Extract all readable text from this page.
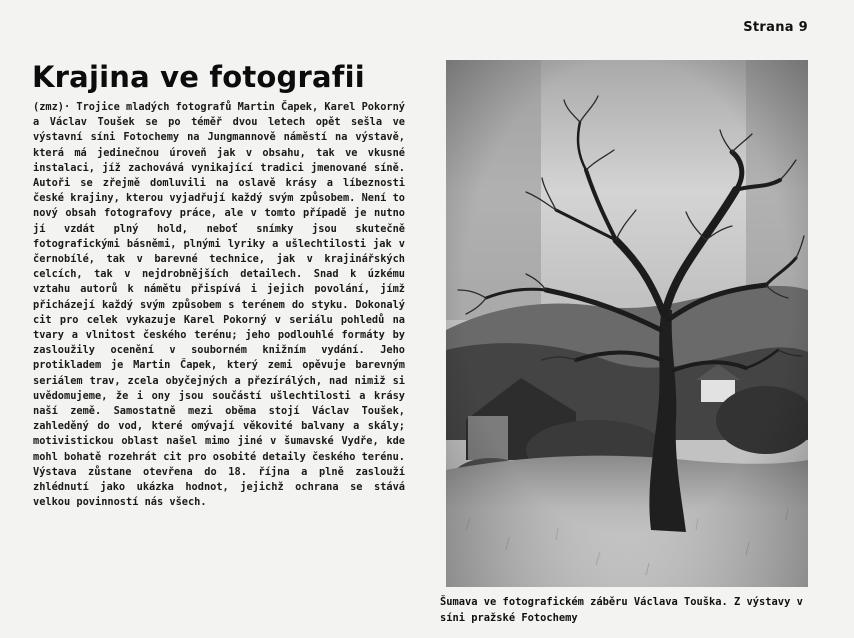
Strana 9
Krajina ve fotografii

(zmz)· Trojice mladých fotografů Martin Čapek, Karel Pokorný a Václav Toušek se po téměř dvou letech opět sešla ve výstavní síni Fotochemy na Jungmannově náměstí na výstavě, která má jedinečnou úroveň jak v obsahu, tak ve vkusné instalaci, jíž zachovává vynikající tradici jmenované síně. Autoři se zřejmě domluvili na oslavě krásy a líbeznosti české krajiny, kterou vyjadřují každý svým způsobem. Není to nový obsah fotografovy práce, ale v tomto případě je nutno jí vzdát plný hold, neboť snímky jsou skutečně fotografickými básněmi, plnými lyriky a ušlechtilosti jak v černobílé, tak v barevné technice, jak v krajinářských celcích, tak v nejdrobnějších detailech. Snad k úzkému vztahu autorů k námětu přispívá i jejich povolání, jímž přicházejí každý svým způsobem s terénem do styku. Dokonalý cit pro celek vykazuje Karel Pokorný v seriálu pohledů na tvary a vlnitost českého terénu; jeho podlouhlé formáty by zasloužily ocenění v souborném knižním vydání. Jeho protikladem je Martin Čapek, který zemi opěvuje barevným seriálem trav, zcela obyčejných a přezírálých, nad nimiž si uvědomujeme, že i ony jsou součástí ušlechtilosti a krásy naší země. Samostatně mezi oběma stojí Václav Toušek, zahleděný do vod, které omývají věkovité balvany a skály; motivistickou oblast našel mimo jiné v šumavské Vydře, kde mohl bohatě rozehrát cit pro osobité detaily českého terénu. Výstava zůstane otevřena do 18. října a plně zaslouží zhlédnutí jako ukázka hodnot, jejichž ochrana se stává velkou povinností nás všech.

Šumava ve fotografickém záběru Václava Touška. Z výstavy v síni pražské Fotochemy
